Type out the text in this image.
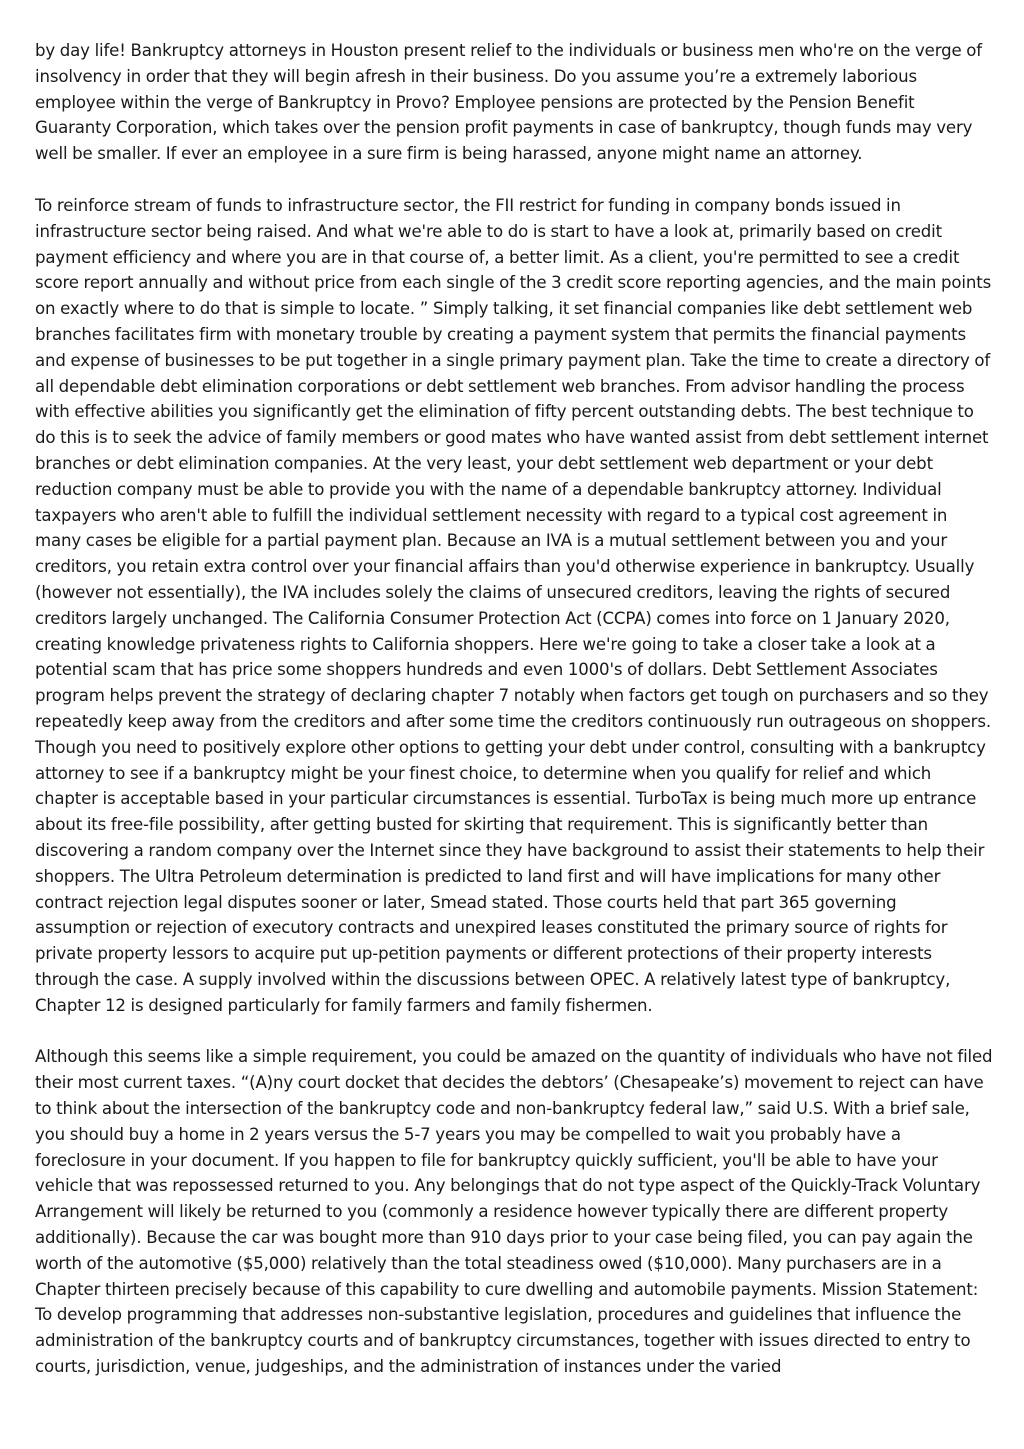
by day life! Bankruptcy attorneys in Houston present relief to the individuals or business men who're on the verge of insolvency in order that they will begin afresh in their business. Do you assume you’re a extremely laborious employee within the verge of Bankruptcy in Provo? Employee pensions are protected by the Pension Benefit Guaranty Corporation, which takes over the pension profit payments in case of bankruptcy, though funds may very well be smaller. If ever an employee in a sure firm is being harassed, anyone might name an attorney.

To reinforce stream of funds to infrastructure sector, the FII restrict for funding in company bonds issued in infrastructure sector being raised. And what we're able to do is start to have a look at, primarily based on credit payment efficiency and where you are in that course of, a better limit. As a client, you're permitted to see a credit score report annually and without price from each single of the 3 credit score reporting agencies, and the main points on exactly where to do that is simple to locate. ” Simply talking, it set financial companies like debt settlement web branches facilitates firm with monetary trouble by creating a payment system that permits the financial payments and expense of businesses to be put together in a single primary payment plan. Take the time to create a directory of all dependable debt elimination corporations or debt settlement web branches. From advisor handling the process with effective abilities you significantly get the elimination of fifty percent outstanding debts. The best technique to do this is to seek the advice of family members or good mates who have wanted assist from debt settlement internet branches or debt elimination companies. At the very least, your debt settlement web department or your debt reduction company must be able to provide you with the name of a dependable bankruptcy attorney. Individual taxpayers who aren't able to fulfill the individual settlement necessity with regard to a typical cost agreement in many cases be eligible for a partial payment plan. Because an IVA is a mutual settlement between you and your creditors, you retain extra control over your financial affairs than you'd otherwise experience in bankruptcy. Usually (however not essentially), the IVA includes solely the claims of unsecured creditors, leaving the rights of secured creditors largely unchanged. The California Consumer Protection Act (CCPA) comes into force on 1 January 2020, creating knowledge privateness rights to California shoppers. Here we're going to take a closer take a look at a potential scam that has price some shoppers hundreds and even 1000's of dollars. Debt Settlement Associates program helps prevent the strategy of declaring chapter 7 notably when factors get tough on purchasers and so they repeatedly keep away from the creditors and after some time the creditors continuously run outrageous on shoppers. Though you need to positively explore other options to getting your debt under control, consulting with a bankruptcy attorney to see if a bankruptcy might be your finest choice, to determine when you qualify for relief and which chapter is acceptable based in your particular circumstances is essential. TurboTax is being much more up entrance about its free-file possibility, after getting busted for skirting that requirement. This is significantly better than discovering a random company over the Internet since they have background to assist their statements to help their shoppers. The Ultra Petroleum determination is predicted to land first and will have implications for many other contract rejection legal disputes sooner or later, Smead stated. Those courts held that part 365 governing assumption or rejection of executory contracts and unexpired leases constituted the primary source of rights for private property lessors to acquire put up-petition payments or different protections of their property interests through the case. A supply involved within the discussions between OPEC. A relatively latest type of bankruptcy, Chapter 12 is designed particularly for family farmers and family fishermen.

Although this seems like a simple requirement, you could be amazed on the quantity of individuals who have not filed their most current taxes. “(A)ny court docket that decides the debtors’ (Chesapeake’s) movement to reject can have to think about the intersection of the bankruptcy code and non-bankruptcy federal law,” said U.S. With a brief sale, you should buy a home in 2 years versus the 5-7 years you may be compelled to wait you probably have a foreclosure in your document. If you happen to file for bankruptcy quickly sufficient, you'll be able to have your vehicle that was repossessed returned to you. Any belongings that do not type aspect of the Quickly-Track Voluntary Arrangement will likely be returned to you (commonly a residence however typically there are different property additionally). Because the car was bought more than 910 days prior to your case being filed, you can pay again the worth of the automotive ($5,000) relatively than the total steadiness owed ($10,000). Many purchasers are in a Chapter thirteen precisely because of this capability to cure dwelling and automobile payments. Mission Statement: To develop programming that addresses non-substantive legislation, procedures and guidelines that influence the administration of the bankruptcy courts and of bankruptcy circumstances, together with issues directed to entry to courts, jurisdiction, venue, judgeships, and the administration of instances under the varied
